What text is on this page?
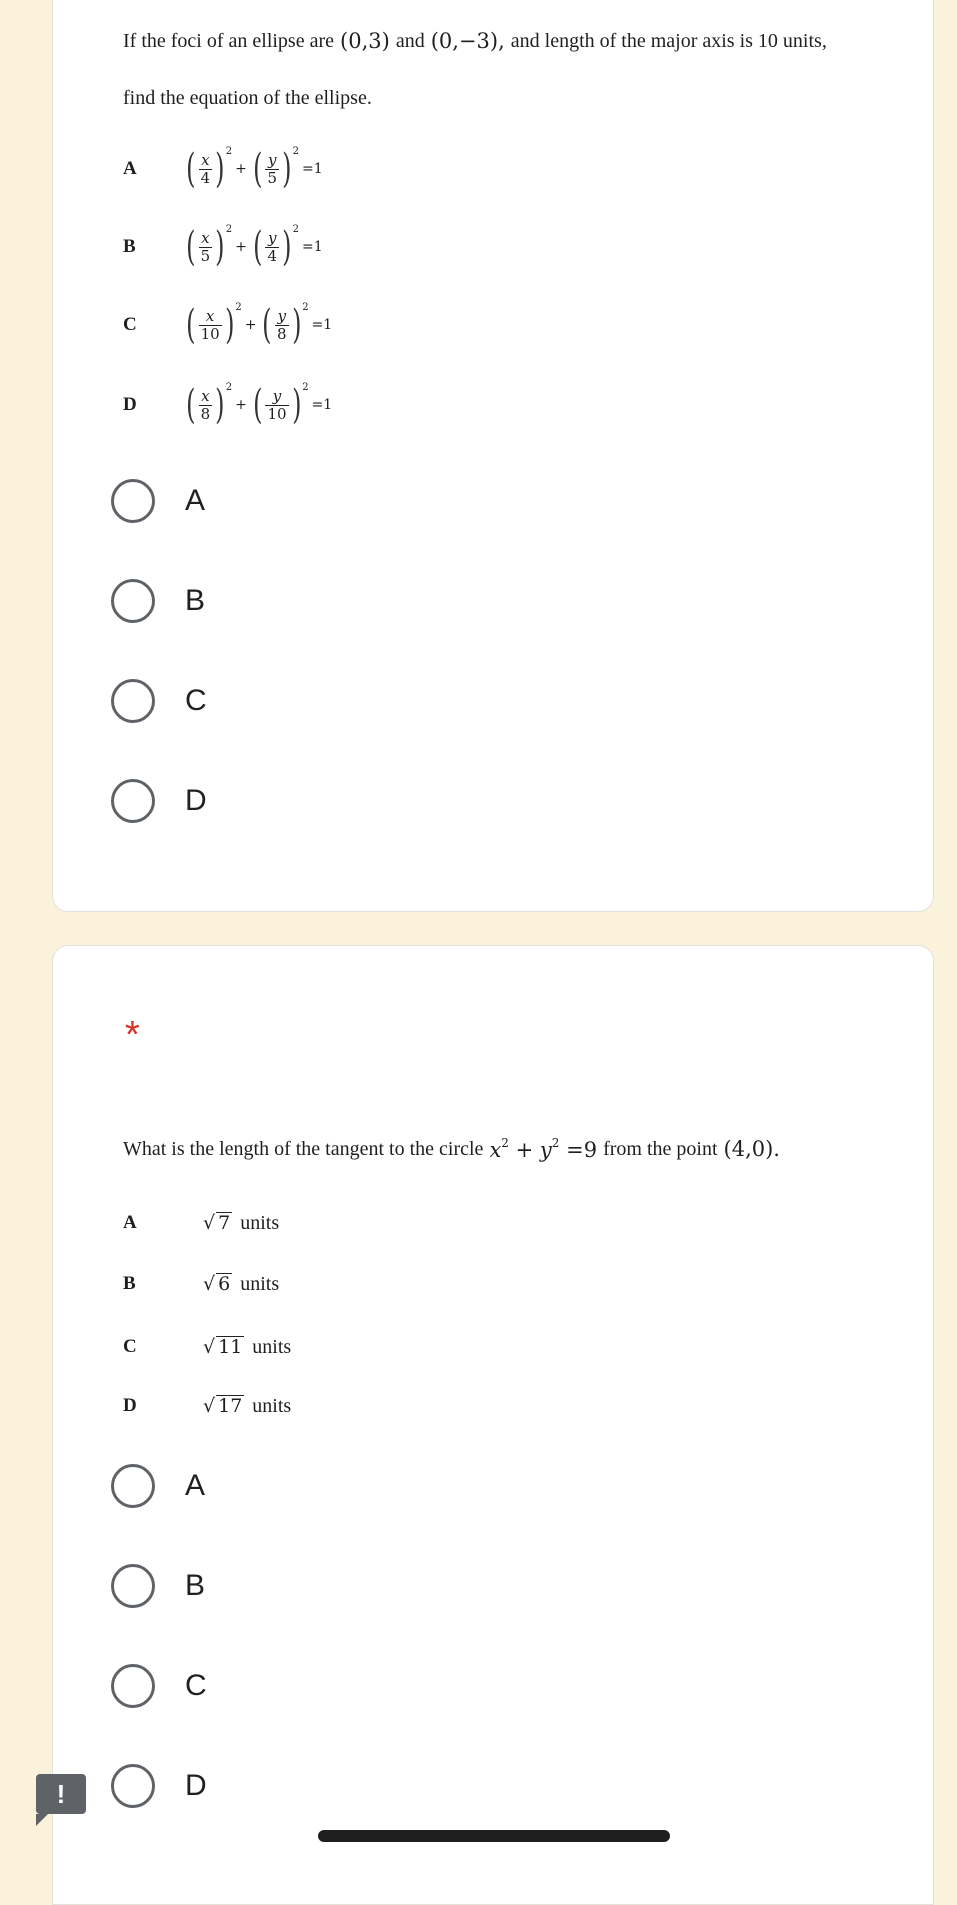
If the foci of an ellipse are (0,3) and (0,−3), and length of the major axis is 10 units,
find the equation of the ellipse.
A	( $\frac{x}{4}$ ) 2
+ ( $\frac{y}{5}$ ) 2
=1
B	( $\frac{x}{5}$ ) 2
+ ( $\frac{y}{4}$ ) 2
=1
C	( $\frac{x}{10}$ ) 2
+ ( $\frac{y}{8}$ ) 2
=1
D	( $\frac{x}{8}$ ) 2
+ ( $\frac{y}{10}$ ) 2
=1
A
B
C
D
*
What is the length of the tangent to the circle $x^2 + y^2 =9$ from the point (4,0).
A	√ 7 units
B	√ 6 units
C	√ 11 units
D	√ 17 units
A
B
C
D
!
